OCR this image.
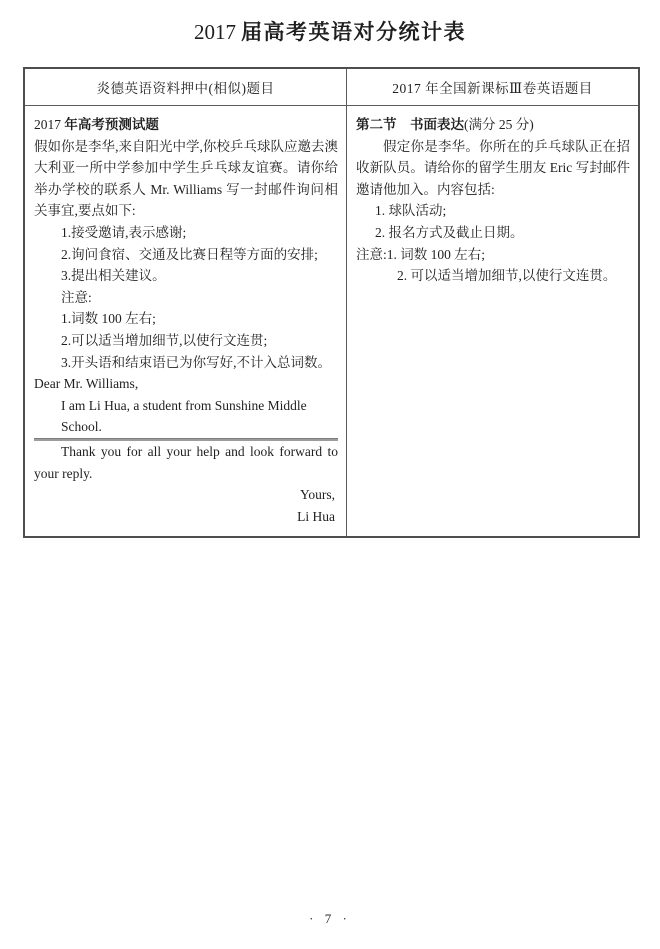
2017 届高考英语对分统计表
炎德英语资料押中(相似)题目	2017 年全国新课标Ⅲ卷英语题目
2017 年高考预测试题
假如你是李华,来自阳光中学,你校乒乓球队应邀去澳大利亚一所中学参加中学生乒乓球友谊赛。请你给举办学校的联系人 Mr. Williams 写一封邮件询问相关事宜,要点如下:
1.接受邀请,表示感谢;
2.询问食宿、交通及比赛日程等方面的安排;
3.提出相关建议。
注意:
1.词数 100 左右;
2.可以适当增加细节,以使行文连贯;
3.开头语和结束语已为你写好,不计入总词数。
Dear Mr. Williams,
I am Li Hua, a student from Sunshine Middle School.
Thank you for all your help and look forward to your reply.
Yours,
Li Hua
第二节　书面表达(满分 25 分)
假定你是李华。你所在的乒乓球队正在招收新队员。请给你的留学生朋友 Eric 写封邮件邀请他加入。内容包括:
1. 球队活动;
2. 报名方式及截止日期。
注意:1. 词数 100 左右;
2. 可以适当增加细节,以使行文连贯。
· 7 ·
